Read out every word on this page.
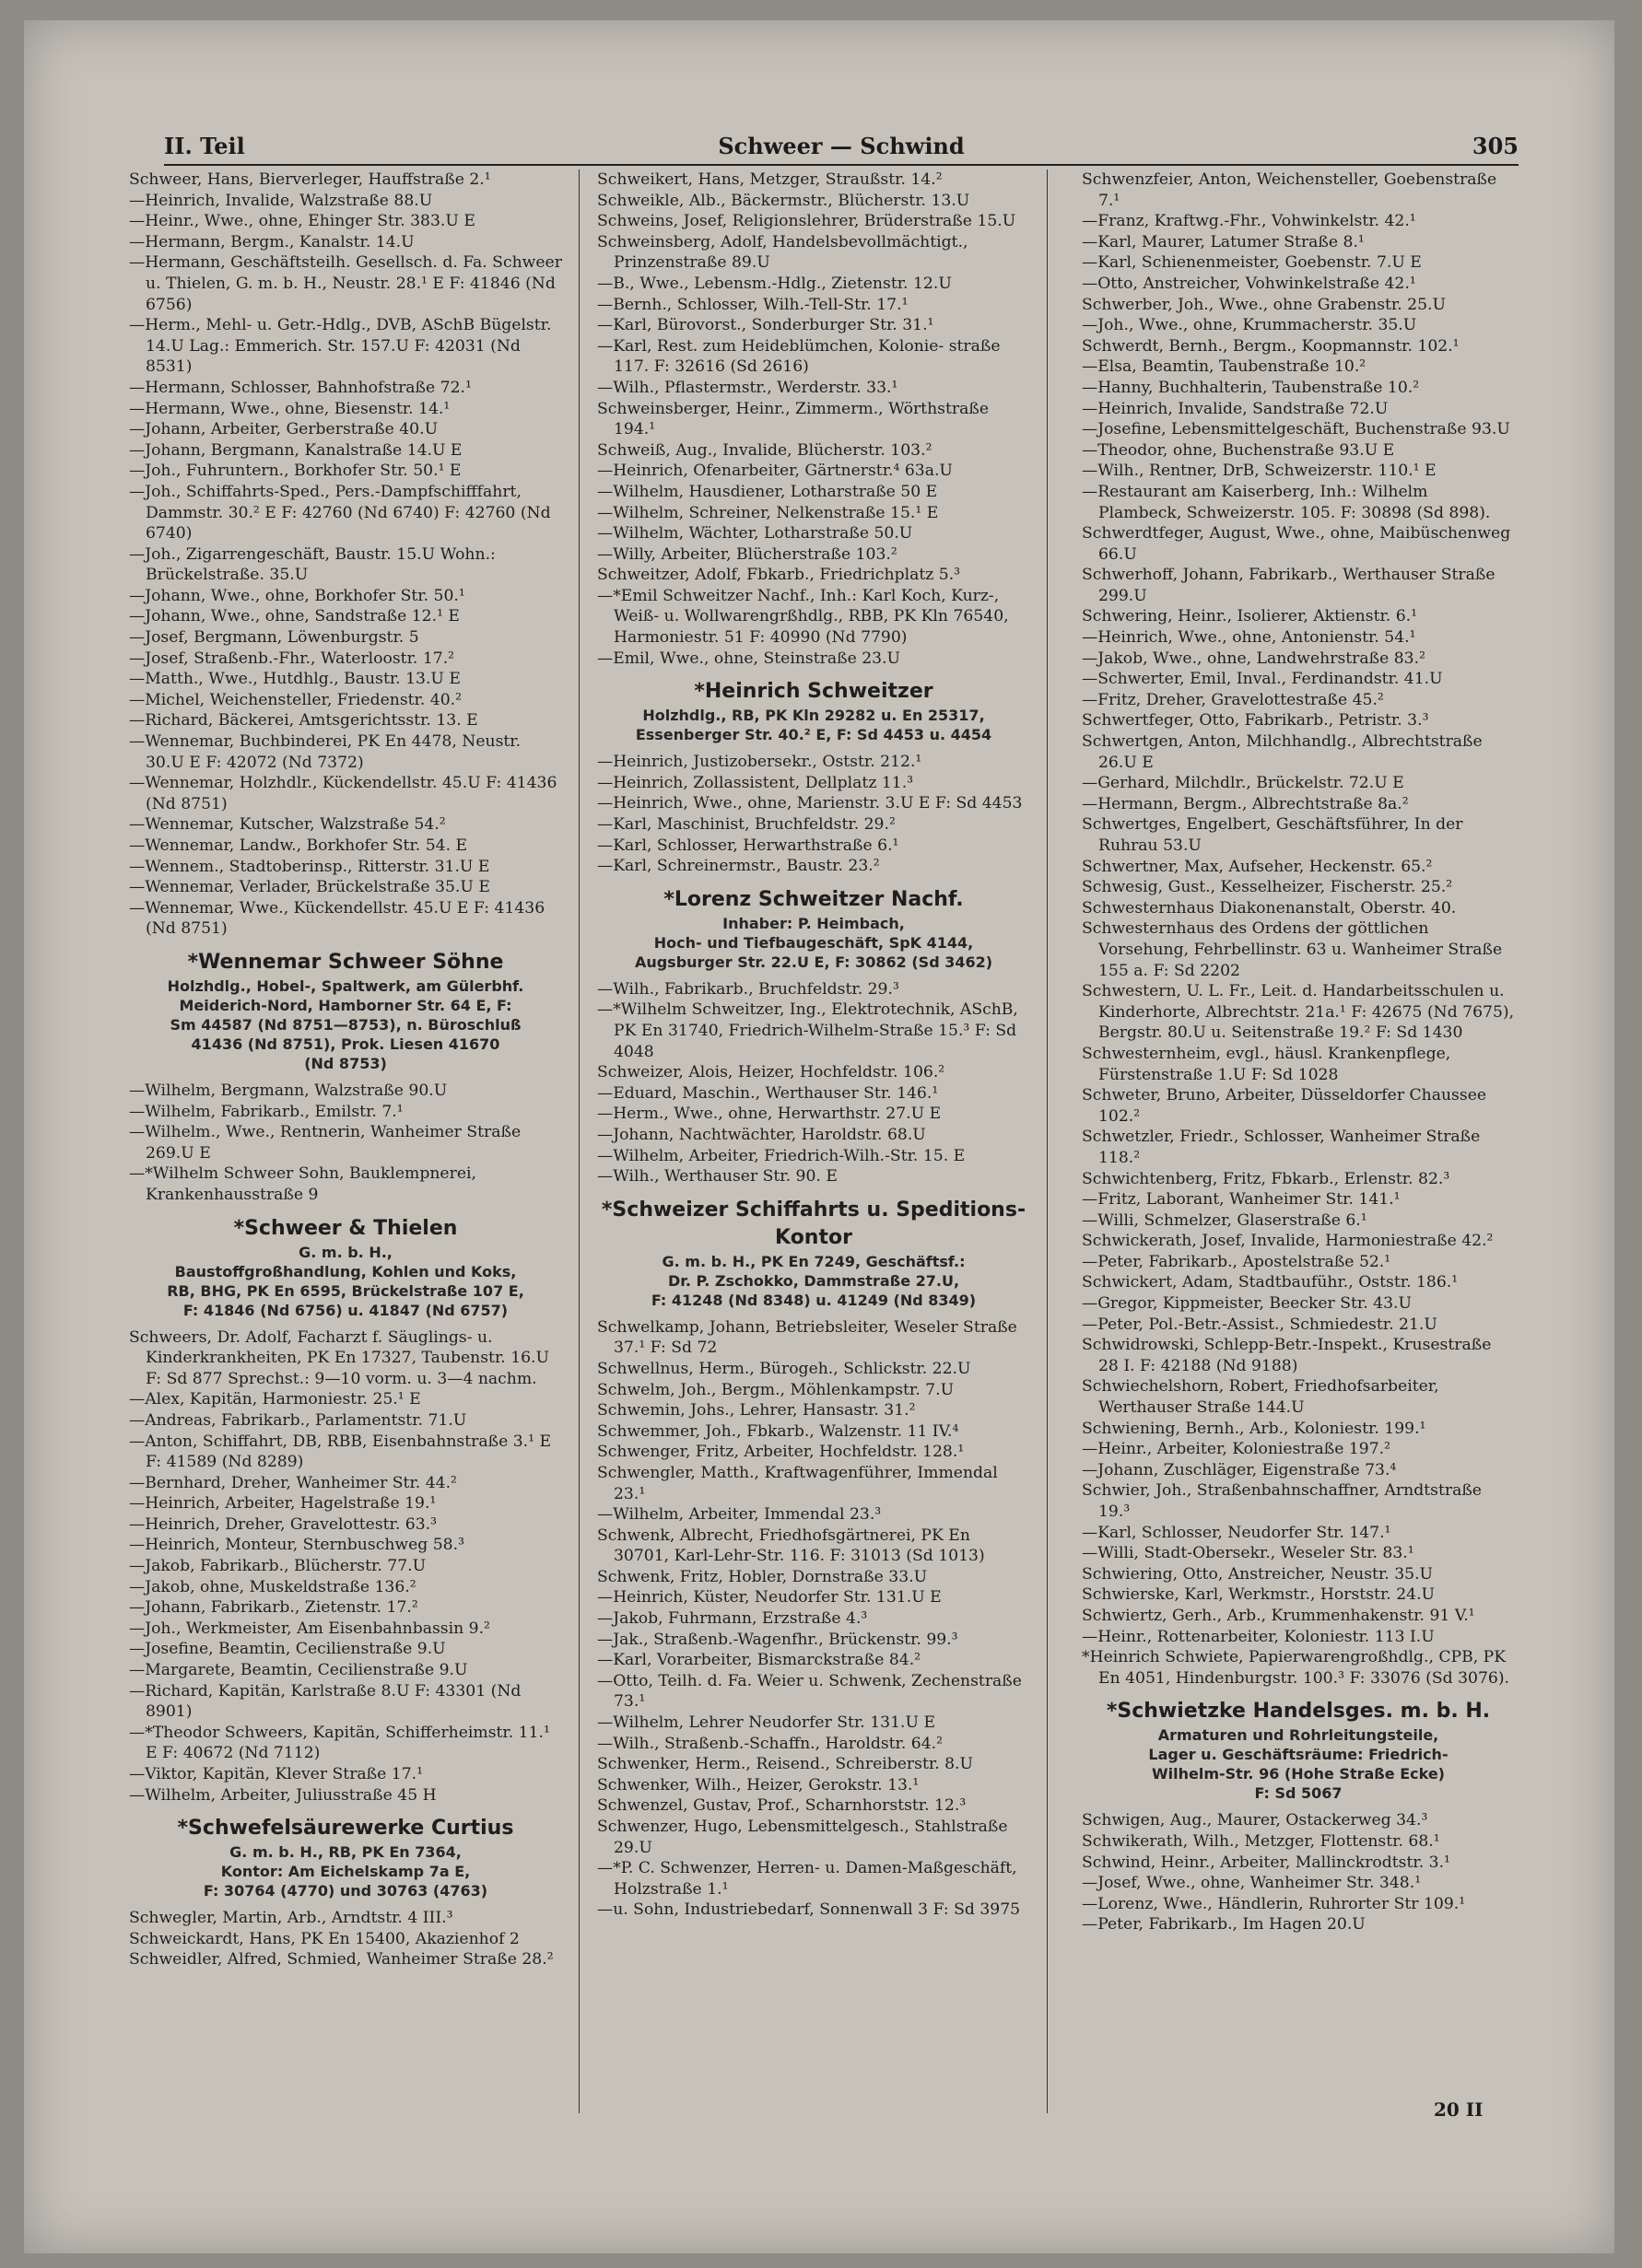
II. Teil	Schweer — Schwind	305
Schweer, Hans, Bierverleger, Hauffstraße 2.¹
—Heinrich, Invalide, Walzstraße 88.U
—Heinr., Wwe., ohne, Ehinger Str. 383.U E
—Hermann, Bergm., Kanalstr. 14.U
—Hermann, Geschäftsteilh. Gesellsch. d. Fa. Schweer u. Thielen, G. m. b. H., Neustr. 28.¹ E F: 41846 (Nd 6756)
—Herm., Mehl- u. Getr.-Hdlg., DVB, ASchB Bügelstr. 14.U Lag.: Emmerich. Str. 157.U F: 42031 (Nd 8531)
—Hermann, Schlosser, Bahnhofstraße 72.¹
—Hermann, Wwe., ohne, Biesenstr. 14.¹
—Johann, Arbeiter, Gerberstraße 40.U
—Johann, Bergmann, Kanalstraße 14.U E
—Joh., Fuhruntern., Borkhofer Str. 50.¹ E
—Joh., Schiffahrts-Sped., Pers.-Dampfschifffahrt, Dammstr. 30.² E F: 42760 (Nd 6740) F: 42760 (Nd 6740)
—Joh., Zigarrengeschäft, Baustr. 15.U Wohn.: Brückelstraße. 35.U
—Johann, Wwe., ohne, Borkhofer Str. 50.¹
—Johann, Wwe., ohne, Sandstraße 12.¹ E
—Josef, Bergmann, Löwenburgstr. 5
—Josef, Straßenb.-Fhr., Waterloostr. 17.²
—Matth., Wwe., Hutdhlg., Baustr. 13.U E
—Michel, Weichensteller, Friedenstr. 40.²
—Richard, Bäckerei, Amtsgerichtsstr. 13. E
—Wennemar, Buchbinderei, PK En 4478, Neustr. 30.U E F: 42072 (Nd 7372)
—Wennemar, Holzhdlr., Kückendellstr. 45.U F: 41436 (Nd 8751)
—Wennemar, Kutscher, Walzstraße 54.²
—Wennemar, Landw., Borkhofer Str. 54. E
—Wennem., Stadtoberinsp., Ritterstr. 31.U E
—Wennemar, Verlader, Brückelstraße 35.U E
—Wennemar, Wwe., Kückendellstr. 45.U E F: 41436 (Nd 8751)
*Wennemar Schweer Söhne
Holzhdlg., Hobel-, Spaltwerk, am Gülerbhf.
Meiderich-Nord, Hamborner Str. 64 E, F:
Sm 44587 (Nd 8751—8753), n. Büroschluß
41436 (Nd 8751), Prok. Liesen 41670
(Nd 8753)
—Wilhelm, Bergmann, Walzstraße 90.U
—Wilhelm, Fabrikarb., Emilstr. 7.¹
—Wilhelm., Wwe., Rentnerin, Wanheimer Straße 269.U E
—*Wilhelm Schweer Sohn, Bauklempnerei, Krankenhausstraße 9
*Schweer & Thielen
G. m. b. H.,
Baustoffgroßhandlung, Kohlen und Koks,
RB, BHG, PK En 6595, Brückelstraße 107 E,
F: 41846 (Nd 6756) u. 41847 (Nd 6757)
Schweers, Dr. Adolf, Facharzt f. Säuglings- u. Kinderkrankheiten, PK En 17327, Taubenstr. 16.U F: Sd 877 Sprechst.: 9—10 vorm. u. 3—4 nachm.
—Alex, Kapitän, Harmoniestr. 25.¹ E
—Andreas, Fabrikarb., Parlamentstr. 71.U
—Anton, Schiffahrt, DB, RBB, Eisenbahnstraße 3.¹ E F: 41589 (Nd 8289)
—Bernhard, Dreher, Wanheimer Str. 44.²
—Heinrich, Arbeiter, Hagelstraße 19.¹
—Heinrich, Dreher, Gravelottestr. 63.³
—Heinrich, Monteur, Sternbuschweg 58.³
—Jakob, Fabrikarb., Blücherstr. 77.U
—Jakob, ohne, Muskeldstraße 136.²
—Johann, Fabrikarb., Zietenstr. 17.²
—Joh., Werkmeister, Am Eisenbahnbassin 9.²
—Josefine, Beamtin, Cecilienstraße 9.U
—Margarete, Beamtin, Cecilienstraße 9.U
—Richard, Kapitän, Karlstraße 8.U F: 43301 (Nd 8901)
—*Theodor Schweers, Kapitän, Schifferheimstr. 11.¹ E F: 40672 (Nd 7112)
—Viktor, Kapitän, Klever Straße 17.¹
—Wilhelm, Arbeiter, Juliusstraße 45 H
*Schwefelsäurewerke Curtius
G. m. b. H., RB, PK En 7364,
Kontor: Am Eichelskamp 7a E,
F: 30764 (4770) und 30763 (4763)
Schwegler, Martin, Arb., Arndtstr. 4 III.³
Schweickardt, Hans, PK En 15400, Akazienhof 2
Schweidler, Alfred, Schmied, Wanheimer Straße 28.²
Schweikert, Hans, Metzger, Straußstr. 14.²
Schweikle, Alb., Bäckermstr., Blücherstr. 13.U
Schweins, Josef, Religionslehrer, Brüderstraße 15.U
Schweinsberg, Adolf, Handelsbevollmächtigt., Prinzenstraße 89.U
—B., Wwe., Lebensm.-Hdlg., Zietenstr. 12.U
—Bernh., Schlosser, Wilh.-Tell-Str. 17.¹
—Karl, Bürovorst., Sonderburger Str. 31.¹
—Karl, Rest. zum Heideblümchen, Kolonie- straße 117. F: 32616 (Sd 2616)
—Wilh., Pflastermstr., Werderstr. 33.¹
Schweinsberger, Heinr., Zimmerm., Wörthstraße 194.¹
Schweiß, Aug., Invalide, Blücherstr. 103.²
—Heinrich, Ofenarbeiter, Gärtnerstr.⁴ 63a.U
—Wilhelm, Hausdiener, Lotharstraße 50 E
—Wilhelm, Schreiner, Nelkenstraße 15.¹ E
—Wilhelm, Wächter, Lotharstraße 50.U
—Willy, Arbeiter, Blücherstraße 103.²
Schweitzer, Adolf, Fbkarb., Friedrichplatz 5.³
—*Emil Schweitzer Nachf., Inh.: Karl Koch, Kurz-, Weiß- u. Wollwarengrßhdlg., RBB, PK Kln 76540, Harmoniestr. 51 F: 40990 (Nd 7790)
—Emil, Wwe., ohne, Steinstraße 23.U
*Heinrich Schweitzer
Holzhdlg., RB, PK Kln 29282 u. En 25317,
Essenberger Str. 40.² E, F: Sd 4453 u. 4454
—Heinrich, Justizobersekr., Oststr. 212.¹
—Heinrich, Zollassistent, Dellplatz 11.³
—Heinrich, Wwe., ohne, Marienstr. 3.U E F: Sd 4453
—Karl, Maschinist, Bruchfeldstr. 29.²
—Karl, Schlosser, Herwarthstraße 6.¹
—Karl, Schreinermstr., Baustr. 23.²
*Lorenz Schweitzer Nachf.
Inhaber: P. Heimbach,
Hoch- und Tiefbaugeschäft, SpK 4144,
Augsburger Str. 22.U E, F: 30862 (Sd 3462)
—Wilh., Fabrikarb., Bruchfeldstr. 29.³
—*Wilhelm Schweitzer, Ing., Elektrotechnik, ASchB, PK En 31740, Friedrich-Wilhelm-Straße 15.³ F: Sd 4048
Schweizer, Alois, Heizer, Hochfeldstr. 106.²
—Eduard, Maschin., Werthauser Str. 146.¹
—Herm., Wwe., ohne, Herwarthstr. 27.U E
—Johann, Nachtwächter, Haroldstr. 68.U
—Wilhelm, Arbeiter, Friedrich-Wilh.-Str. 15. E
—Wilh., Werthauser Str. 90. E
*Schweizer Schiffahrts u. Speditions-Kontor
G. m. b. H., PK En 7249, Geschäftsf.:
Dr. P. Zschokko, Dammstraße 27.U,
F: 41248 (Nd 8348) u. 41249 (Nd 8349)
Schwelkamp, Johann, Betriebsleiter, Weseler Straße 37.¹ F: Sd 72
Schwellnus, Herm., Bürogeh., Schlickstr. 22.U
Schwelm, Joh., Bergm., Möhlenkampstr. 7.U
Schwemin, Johs., Lehrer, Hansastr. 31.²
Schwemmer, Joh., Fbkarb., Walzenstr. 11 IV.⁴
Schwenger, Fritz, Arbeiter, Hochfeldstr. 128.¹
Schwengler, Matth., Kraftwagenführer, Immendal 23.¹
—Wilhelm, Arbeiter, Immendal 23.³
Schwenk, Albrecht, Friedhofsgärtnerei, PK En 30701, Karl-Lehr-Str. 116. F: 31013 (Sd 1013)
Schwenk, Fritz, Hobler, Dornstraße 33.U
—Heinrich, Küster, Neudorfer Str. 131.U E
—Jakob, Fuhrmann, Erzstraße 4.³
—Jak., Straßenb.-Wagenfhr., Brückenstr. 99.³
—Karl, Vorarbeiter, Bismarckstraße 84.²
—Otto, Teilh. d. Fa. Weier u. Schwenk, Zechenstraße 73.¹
—Wilhelm, Lehrer Neudorfer Str. 131.U E
—Wilh., Straßenb.-Schaffn., Haroldstr. 64.²
Schwenker, Herm., Reisend., Schreiberstr. 8.U
Schwenker, Wilh., Heizer, Gerokstr. 13.¹
Schwenzel, Gustav, Prof., Scharnhorststr. 12.³
Schwenzer, Hugo, Lebensmittelgesch., Stahlstraße 29.U
—*P. C. Schwenzer, Herren- u. Damen-Maßgeschäft, Holzstraße 1.¹
—u. Sohn, Industriebedarf, Sonnenwall 3 F: Sd 3975
Schwenzfeier, Anton, Weichensteller, Goebenstraße 7.¹
—Franz, Kraftwg.-Fhr., Vohwinkelstr. 42.¹
—Karl, Maurer, Latumer Straße 8.¹
—Karl, Schienenmeister, Goebenstr. 7.U E
—Otto, Anstreicher, Vohwinkelstraße 42.¹
Schwerber, Joh., Wwe., ohne Grabenstr. 25.U
—Joh., Wwe., ohne, Krummacherstr. 35.U
Schwerdt, Bernh., Bergm., Koopmannstr. 102.¹
—Elsa, Beamtin, Taubenstraße 10.²
—Hanny, Buchhalterin, Taubenstraße 10.²
—Heinrich, Invalide, Sandstraße 72.U
—Josefine, Lebensmittelgeschäft, Buchenstraße 93.U
—Theodor, ohne, Buchenstraße 93.U E
—Wilh., Rentner, DrB, Schweizerstr. 110.¹ E
—Restaurant am Kaiserberg, Inh.: Wilhelm Plambeck, Schweizerstr. 105. F: 30898 (Sd 898).
Schwerdtfeger, August, Wwe., ohne, Maibüschenweg 66.U
Schwerhoff, Johann, Fabrikarb., Werthauser Straße 299.U
Schwering, Heinr., Isolierer, Aktienstr. 6.¹
—Heinrich, Wwe., ohne, Antonienstr. 54.¹
—Jakob, Wwe., ohne, Landwehrstraße 83.²
—Schwerter, Emil, Inval., Ferdinandstr. 41.U
—Fritz, Dreher, Gravelottestraße 45.²
Schwertfeger, Otto, Fabrikarb., Petristr. 3.³
Schwertgen, Anton, Milchhandlg., Albrechtstraße 26.U E
—Gerhard, Milchdlr., Brückelstr. 72.U E
—Hermann, Bergm., Albrechtstraße 8a.²
Schwertges, Engelbert, Geschäftsführer, In der Ruhrau 53.U
Schwertner, Max, Aufseher, Heckenstr. 65.²
Schwesig, Gust., Kesselheizer, Fischerstr. 25.²
Schwesternhaus Diakonenanstalt, Oberstr. 40.
Schwesternhaus des Ordens der göttlichen Vorsehung, Fehrbellinstr. 63 u. Wanheimer Straße 155 a. F: Sd 2202
Schwestern, U. L. Fr., Leit. d. Handarbeitsschulen u. Kinderhorte, Albrechtstr. 21a.¹ F: 42675 (Nd 7675), Bergstr. 80.U u. Seitenstraße 19.² F: Sd 1430
Schwesternheim, evgl., häusl. Krankenpflege, Fürstenstraße 1.U F: Sd 1028
Schweter, Bruno, Arbeiter, Düsseldorfer Chaussee 102.²
Schwetzler, Friedr., Schlosser, Wanheimer Straße 118.²
Schwichtenberg, Fritz, Fbkarb., Erlenstr. 82.³
—Fritz, Laborant, Wanheimer Str. 141.¹
—Willi, Schmelzer, Glaserstraße 6.¹
Schwickerath, Josef, Invalide, Harmoniestraße 42.²
—Peter, Fabrikarb., Apostelstraße 52.¹
Schwickert, Adam, Stadtbauführ., Oststr. 186.¹
—Gregor, Kippmeister, Beecker Str. 43.U
—Peter, Pol.-Betr.-Assist., Schmiedestr. 21.U
Schwidrowski, Schlepp-Betr.-Inspekt., Krusestraße 28 I. F: 42188 (Nd 9188)
Schwiechelshorn, Robert, Friedhofsarbeiter, Werthauser Straße 144.U
Schwiening, Bernh., Arb., Koloniestr. 199.¹
—Heinr., Arbeiter, Koloniestraße 197.²
—Johann, Zuschläger, Eigenstraße 73.⁴
Schwier, Joh., Straßenbahnschaffner, Arndtstraße 19.³
—Karl, Schlosser, Neudorfer Str. 147.¹
—Willi, Stadt-Obersekr., Weseler Str. 83.¹
Schwiering, Otto, Anstreicher, Neustr. 35.U
Schwierske, Karl, Werkmstr., Horststr. 24.U
Schwiertz, Gerh., Arb., Krummenhakenstr. 91 V.¹
—Heinr., Rottenarbeiter, Koloniestr. 113 I.U
*Heinrich Schwiete, Papierwarengroßhdlg., CPB, PK En 4051, Hindenburgstr. 100.³ F: 33076 (Sd 3076).
*Schwietzke Handelsges. m. b. H.
Armaturen und Rohrleitungsteile,
Lager u. Geschäftsräume: Friedrich-
Wilhelm-Str. 96 (Hohe Straße Ecke)
F: Sd 5067
Schwigen, Aug., Maurer, Ostackerweg 34.³
Schwikerath, Wilh., Metzger, Flottenstr. 68.¹
Schwind, Heinr., Arbeiter, Mallinckrodtstr. 3.¹
—Josef, Wwe., ohne, Wanheimer Str. 348.¹
—Lorenz, Wwe., Händlerin, Ruhrorter Str 109.¹
—Peter, Fabrikarb., Im Hagen 20.U
20 II
